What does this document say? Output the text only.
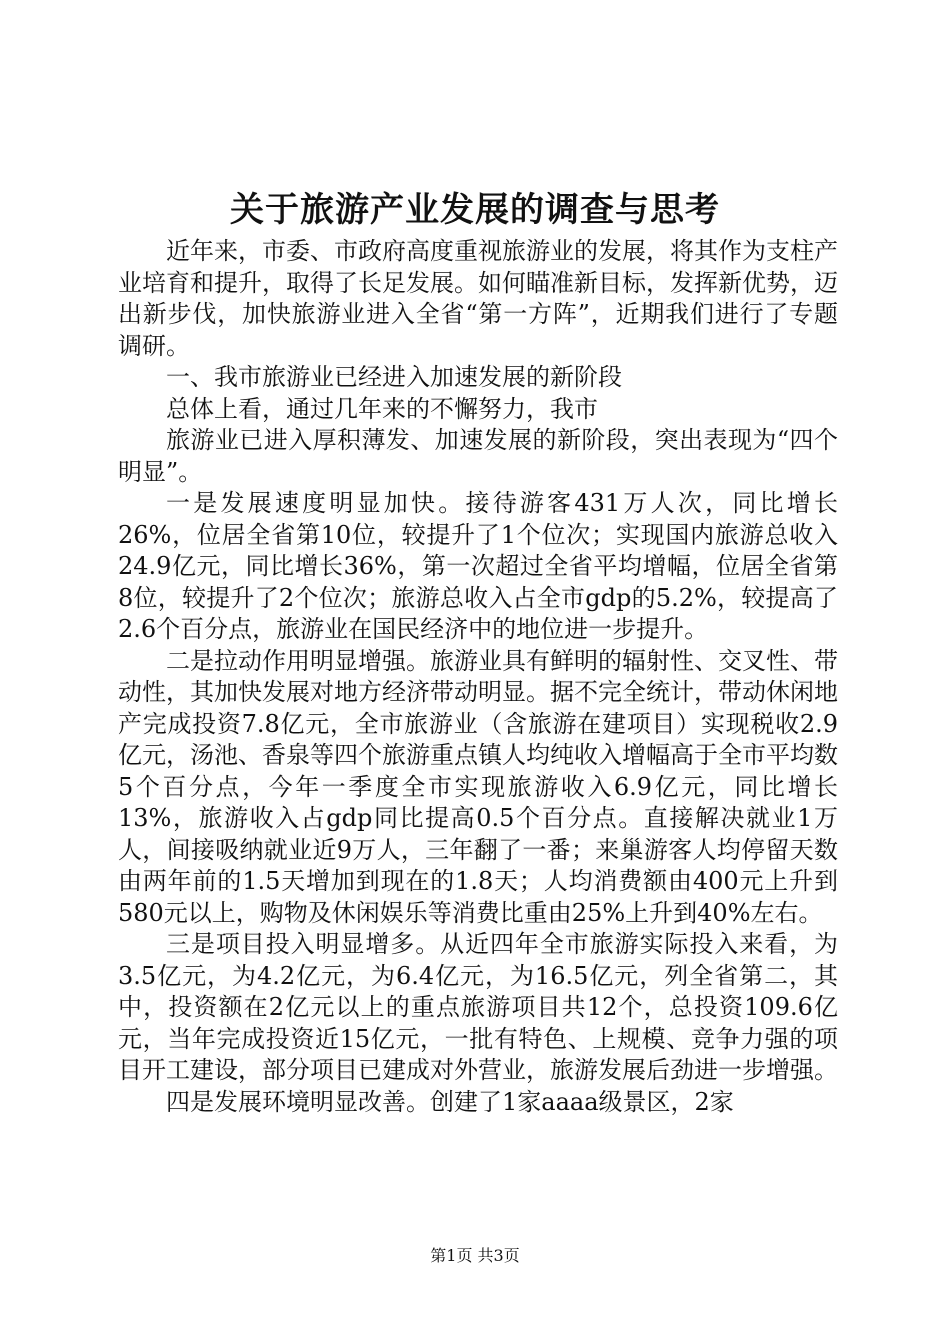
关于旅游产业发展的调查与思考

近年来，市委、市政府高度重视旅游业的发展，将其作为支柱产业培育和提升，取得了长足发展。如何瞄准新目标，发挥新优势，迈出新步伐，加快旅游业进入全省“第一方阵”，近期我们进行了专题调研。

一、我市旅游业已经进入加速发展的新阶段

总体上看，通过几年来的不懈努力，我市

旅游业已进入厚积薄发、加速发展的新阶段，突出表现为“四个明显”。

一是发展速度明显加快。接待游客431万人次，同比增长26%，位居全省第10位，较提升了1个位次；实现国内旅游总收入24.9亿元，同比增长36%，第一次超过全省平均增幅，位居全省第8位，较提升了2个位次；旅游总收入占全市gdp的5.2%，较提高了2.6个百分点，旅游业在国民经济中的地位进一步提升。

二是拉动作用明显增强。旅游业具有鲜明的辐射性、交叉性、带动性，其加快发展对地方经济带动明显。据不完全统计，带动休闲地产完成投资7.8亿元，全市旅游业（含旅游在建项目）实现税收2.9亿元，汤池、香泉等四个旅游重点镇人均纯收入增幅高于全市平均数5个百分点，今年一季度全市实现旅游收入6.9亿元，同比增长13%，旅游收入占gdp同比提高0.5个百分点。直接解决就业1万人，间接吸纳就业近9万人，三年翻了一番；来巢游客人均停留天数由两年前的1.5天增加到现在的1.8天；人均消费额由400元上升到580元以上，购物及休闲娱乐等消费比重由25%上升到40%左右。

三是项目投入明显增多。从近四年全市旅游实际投入来看，为3.5亿元，为4.2亿元，为6.4亿元，为16.5亿元，列全省第二，其中，投资额在2亿元以上的重点旅游项目共12个，总投资109.6亿元，当年完成投资近15亿元，一批有特色、上规模、竞争力强的项目开工建设，部分项目已建成对外营业，旅游发展后劲进一步增强。

四是发展环境明显改善。创建了1家aaaa级景区，2家

第1页 共3页
